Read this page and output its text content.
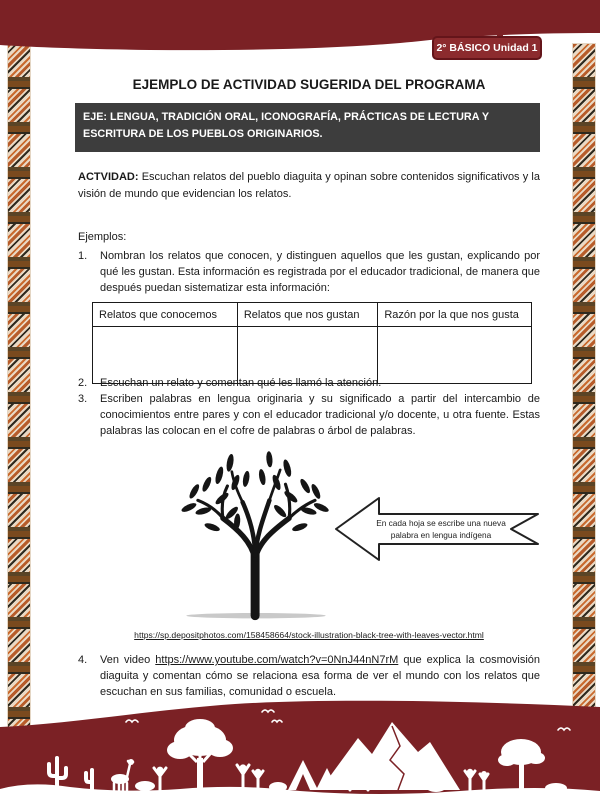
2° BÁSICO Unidad 1
EJEMPLO DE ACTIVIDAD SUGERIDA DEL PROGRAMA
EJE: LENGUA, TRADICIÓN ORAL, ICONOGRAFÍA, PRÁCTICAS DE LECTURA Y ESCRITURA DE LOS PUEBLOS ORIGINARIOS.
ACTVIDAD: Escuchan relatos del pueblo diaguita y opinan sobre contenidos significativos y la visión de mundo que evidencian los relatos.
Ejemplos:
1.	Nombran los relatos que conocen, y distinguen aquellos que les gustan, explicando por qué les gustan. Esta información es registrada por el educador tradicional, de manera que después puedan sistematizar esta información:
Relatos que conocemos	Relatos que nos gustan	Razón por la que nos gusta

2.	Escuchan un relato y comentan qué les llamó la atención.
3.	Escriben palabras en lengua originaria y su significado a partir del intercambio de conocimientos entre pares y con el educador tradicional y/o docente, u otra fuente. Estas palabras las colocan en el cofre de palabras o árbol de palabras.
En cada hoja se escribe una nueva palabra en lengua indígena
https://sp.depositphotos.com/158458664/stock-illustration-black-tree-with-leaves-vector.html
4.	Ven video https://www.youtube.com/watch?v=0NnJ44nN7rM que explica la cosmovisión diaguita y comentan cómo se relaciona esa forma de ver el mundo con los relatos que escuchan en sus familias, comunidad o escuela.
